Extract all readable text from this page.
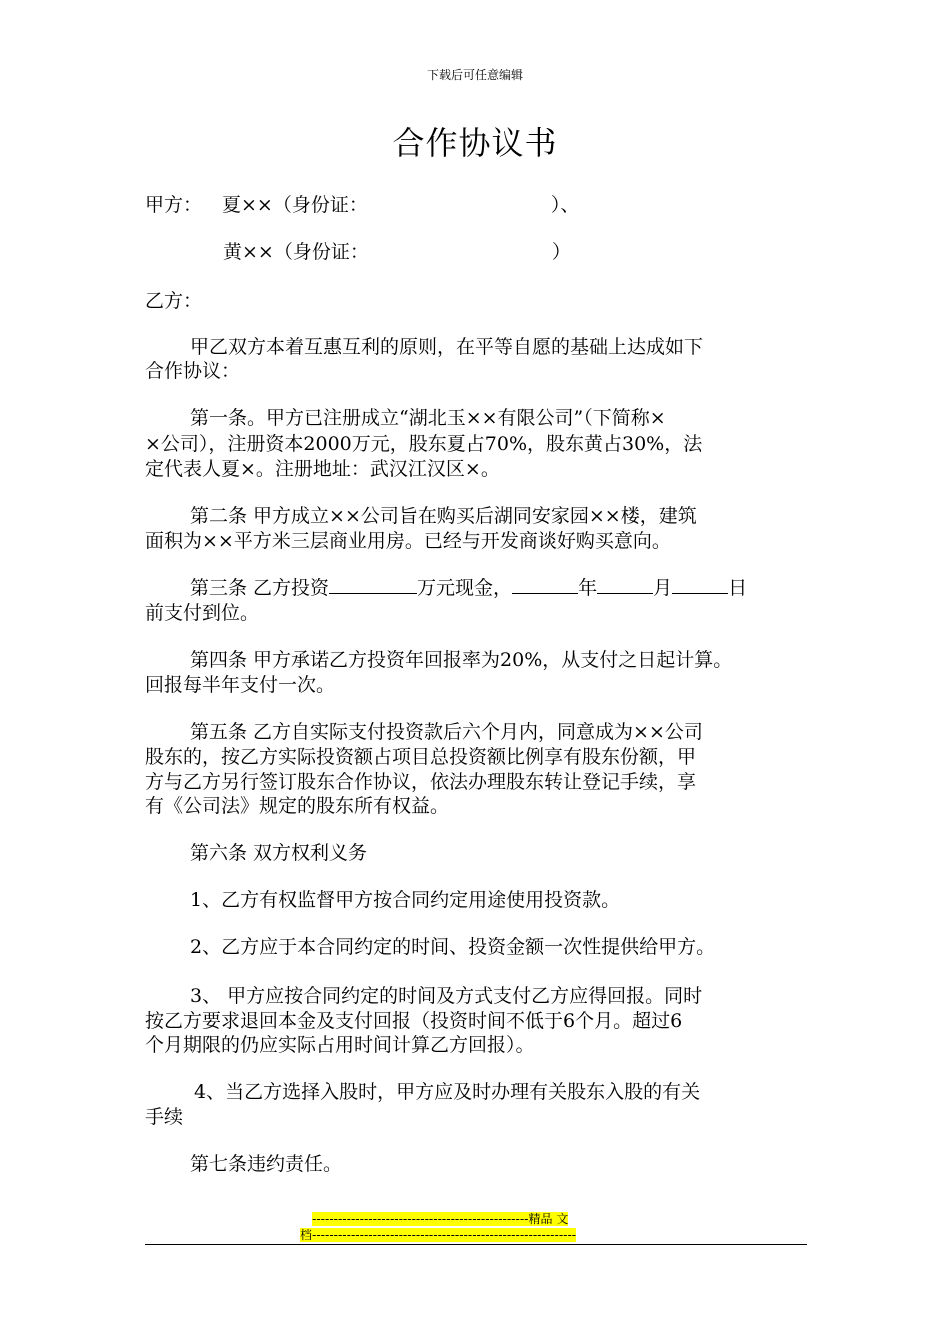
下载后可任意编辑
合作协议书
甲方： 夏××（身份证：	）、
黄××（身份证：	）
乙方：
甲乙双方本着互惠互利的原则，在平等自愿的基础上达成如下
合作协议：
第一条。甲方已注册成立“湖北玉××有限公司”（下简称×
×公司），注册资本2000万元，股东夏占70%，股东黄占30%，法
定代表人夏×。注册地址：武汉江汉区×。
第二条 甲方成立××公司旨在购买后湖同安家园××楼，建筑
面积为××平方米三层商业用房。已经与开发商谈好购买意向。
第三条 乙方投资	万元现金，	年	月	日
前支付到位。
第四条 甲方承诺乙方投资年回报率为20%，从支付之日起计算。
回报每半年支付一次。
第五条 乙方自实际支付投资款后六个月内，同意成为××公司
股东的，按乙方实际投资额占项目总投资额比例享有股东份额，甲
方与乙方另行签订股东合作协议，依法办理股东转让登记手续，享
有《公司法》规定的股东所有权益。
第六条 双方权利义务
1、乙方有权监督甲方按合同约定用途使用投资款。
2、乙方应于本合同约定的时间、投资金额一次性提供给甲方。
3、 甲方应按合同约定的时间及方式支付乙方应得回报。同时
按乙方要求退回本金及支付回报（投资时间不低于6个月。超过6
个月期限的仍应实际占用时间计算乙方回报）。
4、当乙方选择入股时，甲方应及时办理有关股东入股的有关
手续
第七条违约责任。
--------------------------------------------------精品 文
档-------------------------------------------------------------
